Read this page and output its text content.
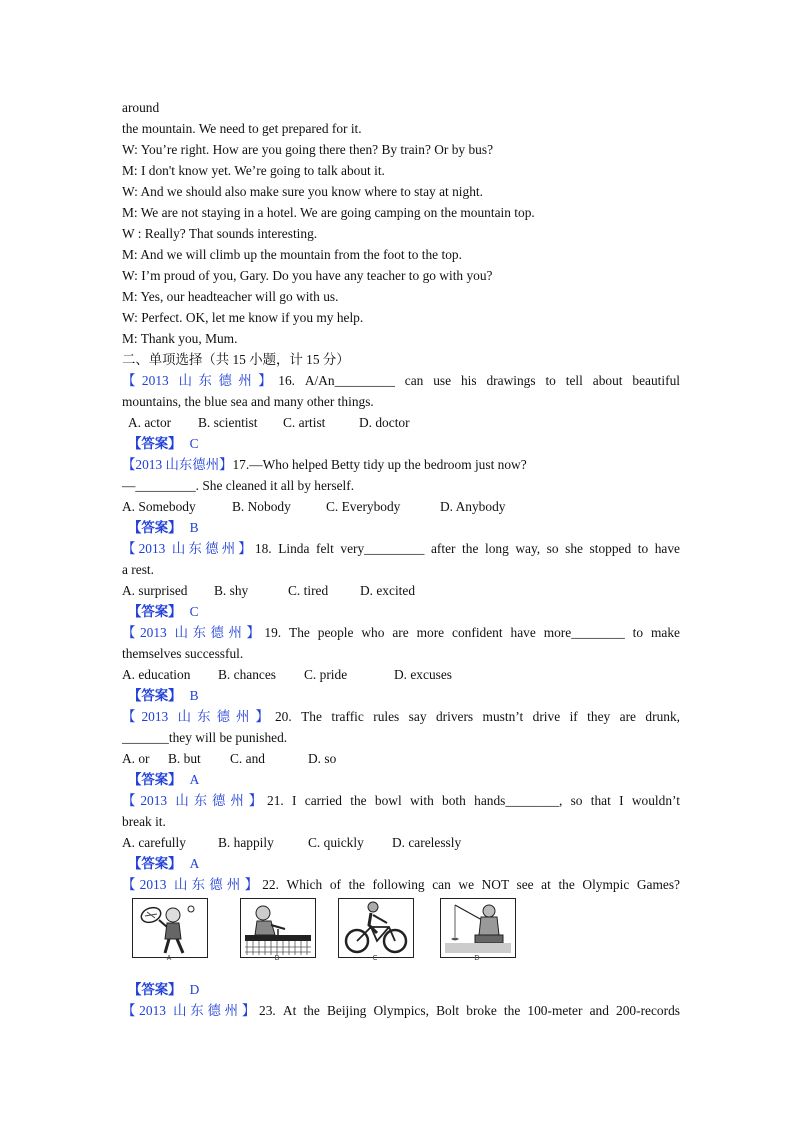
around
the mountain. We need to get prepared for it.
W: You’re right. How are you going there then? By train? Or by bus?
M: I don't know yet. We’re going to talk about it.
W: And we should also make sure you know where to stay at night.
M: We are not staying in a hotel. We are going camping on the mountain top.
W : Really? That sounds interesting.
M: And we will climb up the mountain from the foot to the top.
W: I’m proud of you, Gary. Do you have any teacher to go with you?
M: Yes, our headteacher will go with us.
W: Perfect. OK, let me know if you my help.
M: Thank you, Mum.
二、单项选择（共 15 小题，计 15 分）
【2013 山东德州】16. A/An_________ can use his drawings to tell about beautiful
mountains, the blue sea and many other things.
A. actor B. scientist C. artist	D. doctor
【答案】 C
【2013 山东德州】17.—Who helped Betty tidy up the bedroom just now?
—_________. She cleaned it all by herself.
A. Somebody	B. Nobody	C. Everybody	D. Anybody
【答案】 B
【2013 山东德州】18. Linda felt very_________ after the long way, so she stopped to have
a rest.
A. surprised B. shy	C. tired D. excited
【答案】 C
【2013 山东德州】19. The people who are more confident have more________ to make
themselves successful.
A. education B. chances C. pride	D. excuses
【答案】 B
【2013 山东德州】20. The traffic rules say drivers mustn’t drive if they are drunk,
_______they will be punished.
A. or B. but C. and	D. so
【答案】 A
【2013 山东德州】21. I carried the bowl with both hands________, so that I wouldn’t
break it.
A. carefully B. happily	C. quickly D. carelessly
【答案】 A
【2013 山东德州】22. Which of the following can we NOT see at the Olympic Games?
A	B	C	D
【答案】 D
【2013 山东德州】23. At the Beijing Olympics, Bolt broke the 100-meter and 200-records
